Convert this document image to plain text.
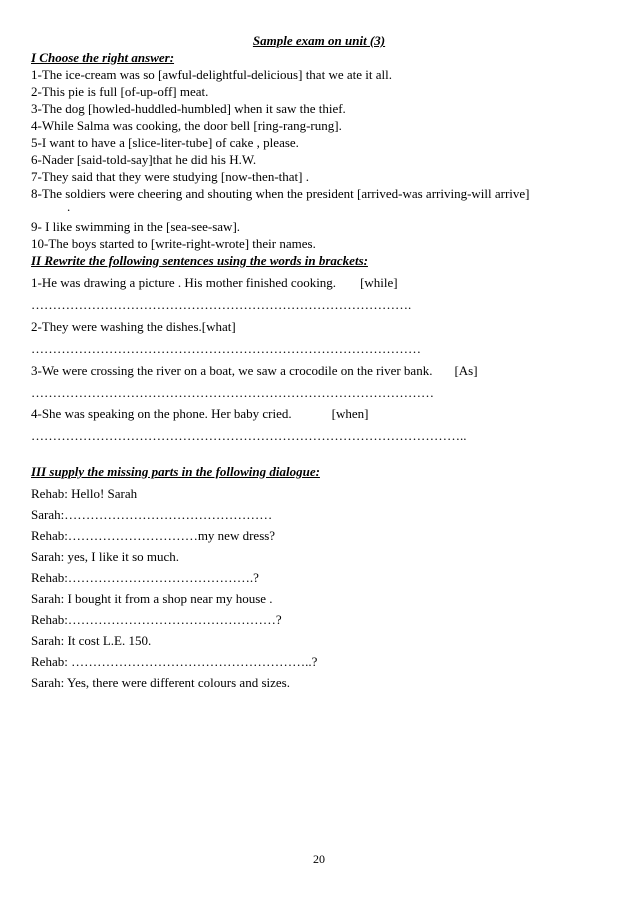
Sample exam on unit (3)
I Choose the right answer:
1-The ice-cream was so [awful-delightful-delicious] that we ate it all.
2-This pie is full [of-up-off] meat.
3-The dog [howled-huddled-humbled] when it saw the thief.
4-While Salma was cooking, the door bell [ring-rang-rung].
5-I want to have a [slice-liter-tube] of cake , please.
6-Nader [said-told-say]that he did his H.W.
7-They said that they were studying [now-then-that] .
8-The soldiers were cheering and shouting when the president [arrived-was arriving-will arrive]
.
9- I like swimming in the [sea-see-saw].
10-The boys started to [write-right-wrote] their names.
II Rewrite the following sentences using the words in brackets:
1-He was drawing a picture . His mother finished cooking. [while]
…………………………………………………………………………….
2-They were washing the dishes.[what]
………………………………………………………………………………
3-We were crossing the river on a boat, we saw a crocodile on the river bank. [As]
…………………………………………………………………………………
4-She was speaking on the phone. Her baby cried.	[when]
………………………………………………………………………………………..
III supply the missing parts in the following dialogue:
Rehab: Hello! Sarah
Sarah:…………………………………………
Rehab:…………………………my new dress?
Sarah: yes, I like it so much.
Rehab:…………………………………….?
Sarah: I bought it from a shop near my house .
Rehab:…………………………………………?
Sarah: It cost L.E. 150.
Rehab: ………………………………………………..?
Sarah: Yes, there were different colours and sizes.
20
